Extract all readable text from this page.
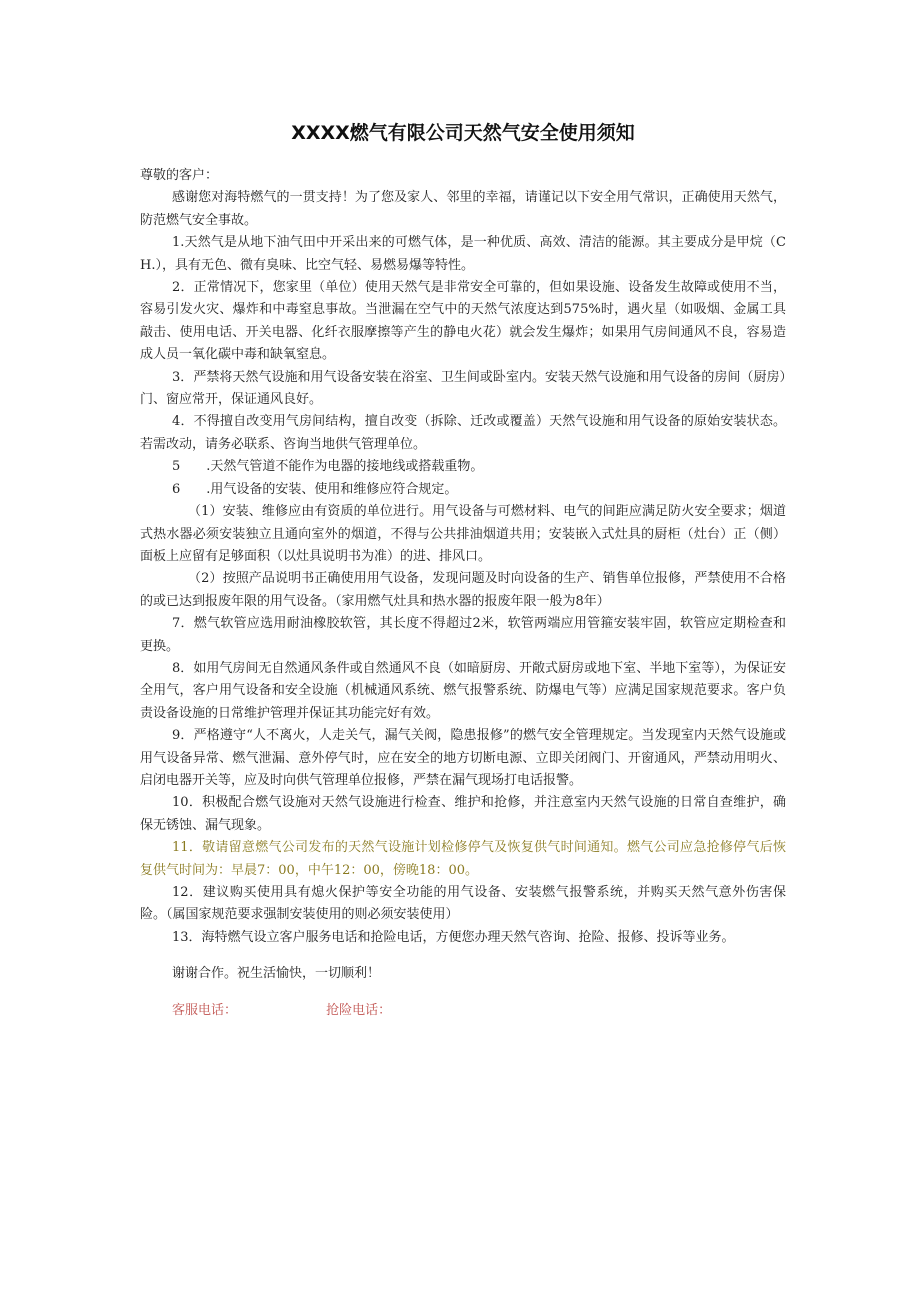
XXXX燃气有限公司天然气安全使用须知

尊敬的客户：

感谢您对海特燃气的一贯支持！为了您及家人、邻里的幸福，请谨记以下安全用气常识，正确使用天然气，防范燃气安全事故。

1.天然气是从地下油气田中开采出来的可燃气体，是一种优质、高效、清洁的能源。其主要成分是甲烷（CH.），具有无色、微有臭味、比空气轻、易燃易爆等特性。

2．正常情况下，您家里（单位）使用天然气是非常安全可靠的，但如果设施、设备发生故障或使用不当，容易引发火灾、爆炸和中毒窒息事故。当泄漏在空气中的天然气浓度达到575%时，遇火星（如吸烟、金属工具敲击、使用电话、开关电器、化纤衣服摩擦等产生的静电火花）就会发生爆炸；如果用气房间通风不良，容易造成人员一氧化碳中毒和缺氧窒息。

3．严禁将天然气设施和用气设备安装在浴室、卫生间或卧室内。安装天然气设施和用气设备的房间（厨房）门、窗应常开，保证通风良好。

4．不得擅自改变用气房间结构，擅自改变（拆除、迁改或覆盖）天然气设施和用气设备的原始安装状态。若需改动，请务必联系、咨询当地供气管理单位。

5　　.天然气管道不能作为电器的接地线或搭载重物。

6　　.用气设备的安装、使用和维修应符合规定。

（1）安装、维修应由有资质的单位进行。用气设备与可燃材料、电气的间距应满足防火安全要求；烟道式热水器必须安装独立且通向室外的烟道，不得与公共排油烟道共用；安装嵌入式灶具的厨柜（灶台）正（侧）面板上应留有足够面积（以灶具说明书为准）的进、排风口。

（2）按照产品说明书正确使用用气设备，发现问题及时向设备的生产、销售单位报修，严禁使用不合格的或已达到报废年限的用气设备。（家用燃气灶具和热水器的报废年限一般为8年）

7．燃气软管应选用耐油橡胶软管，其长度不得超过2米，软管两端应用管箍安装牢固，软管应定期检查和更换。

8．如用气房间无自然通风条件或自然通风不良（如暗厨房、开敞式厨房或地下室、半地下室等），为保证安全用气，客户用气设备和安全设施（机械通风系统、燃气报警系统、防爆电气等）应满足国家规范要求。客户负责设备设施的日常维护管理并保证其功能完好有效。

9．严格遵守“人不离火，人走关气，漏气关阀，隐患报修”的燃气安全管理规定。当发现室内天然气设施或用气设备异常、燃气泄漏、意外停气时，应在安全的地方切断电源、立即关闭阀门、开窗通风，严禁动用明火、启闭电器开关等，应及时向供气管理单位报修，严禁在漏气现场打电话报警。

10．积极配合燃气设施对天然气设施进行检查、维护和抢修，并注意室内天然气设施的日常自查维护，确保无锈蚀、漏气现象。

11．敬请留意燃气公司发布的天然气设施计划检修停气及恢复供气时间通知。燃气公司应急抢修停气后恢复供气时间为：早晨7：00，中午12：00，傍晚18：00。

12．建议购买使用具有熄火保护等安全功能的用气设备、安装燃气报警系统，并购买天然气意外伤害保险。（属国家规范要求强制安装使用的则必须安装使用）

13．海特燃气设立客户服务电话和抢险电话，方便您办理天然气咨询、抢险、报修、投诉等业务。

谢谢合作。祝生活愉快，一切顺利！

客服电话：	抢险电话：
